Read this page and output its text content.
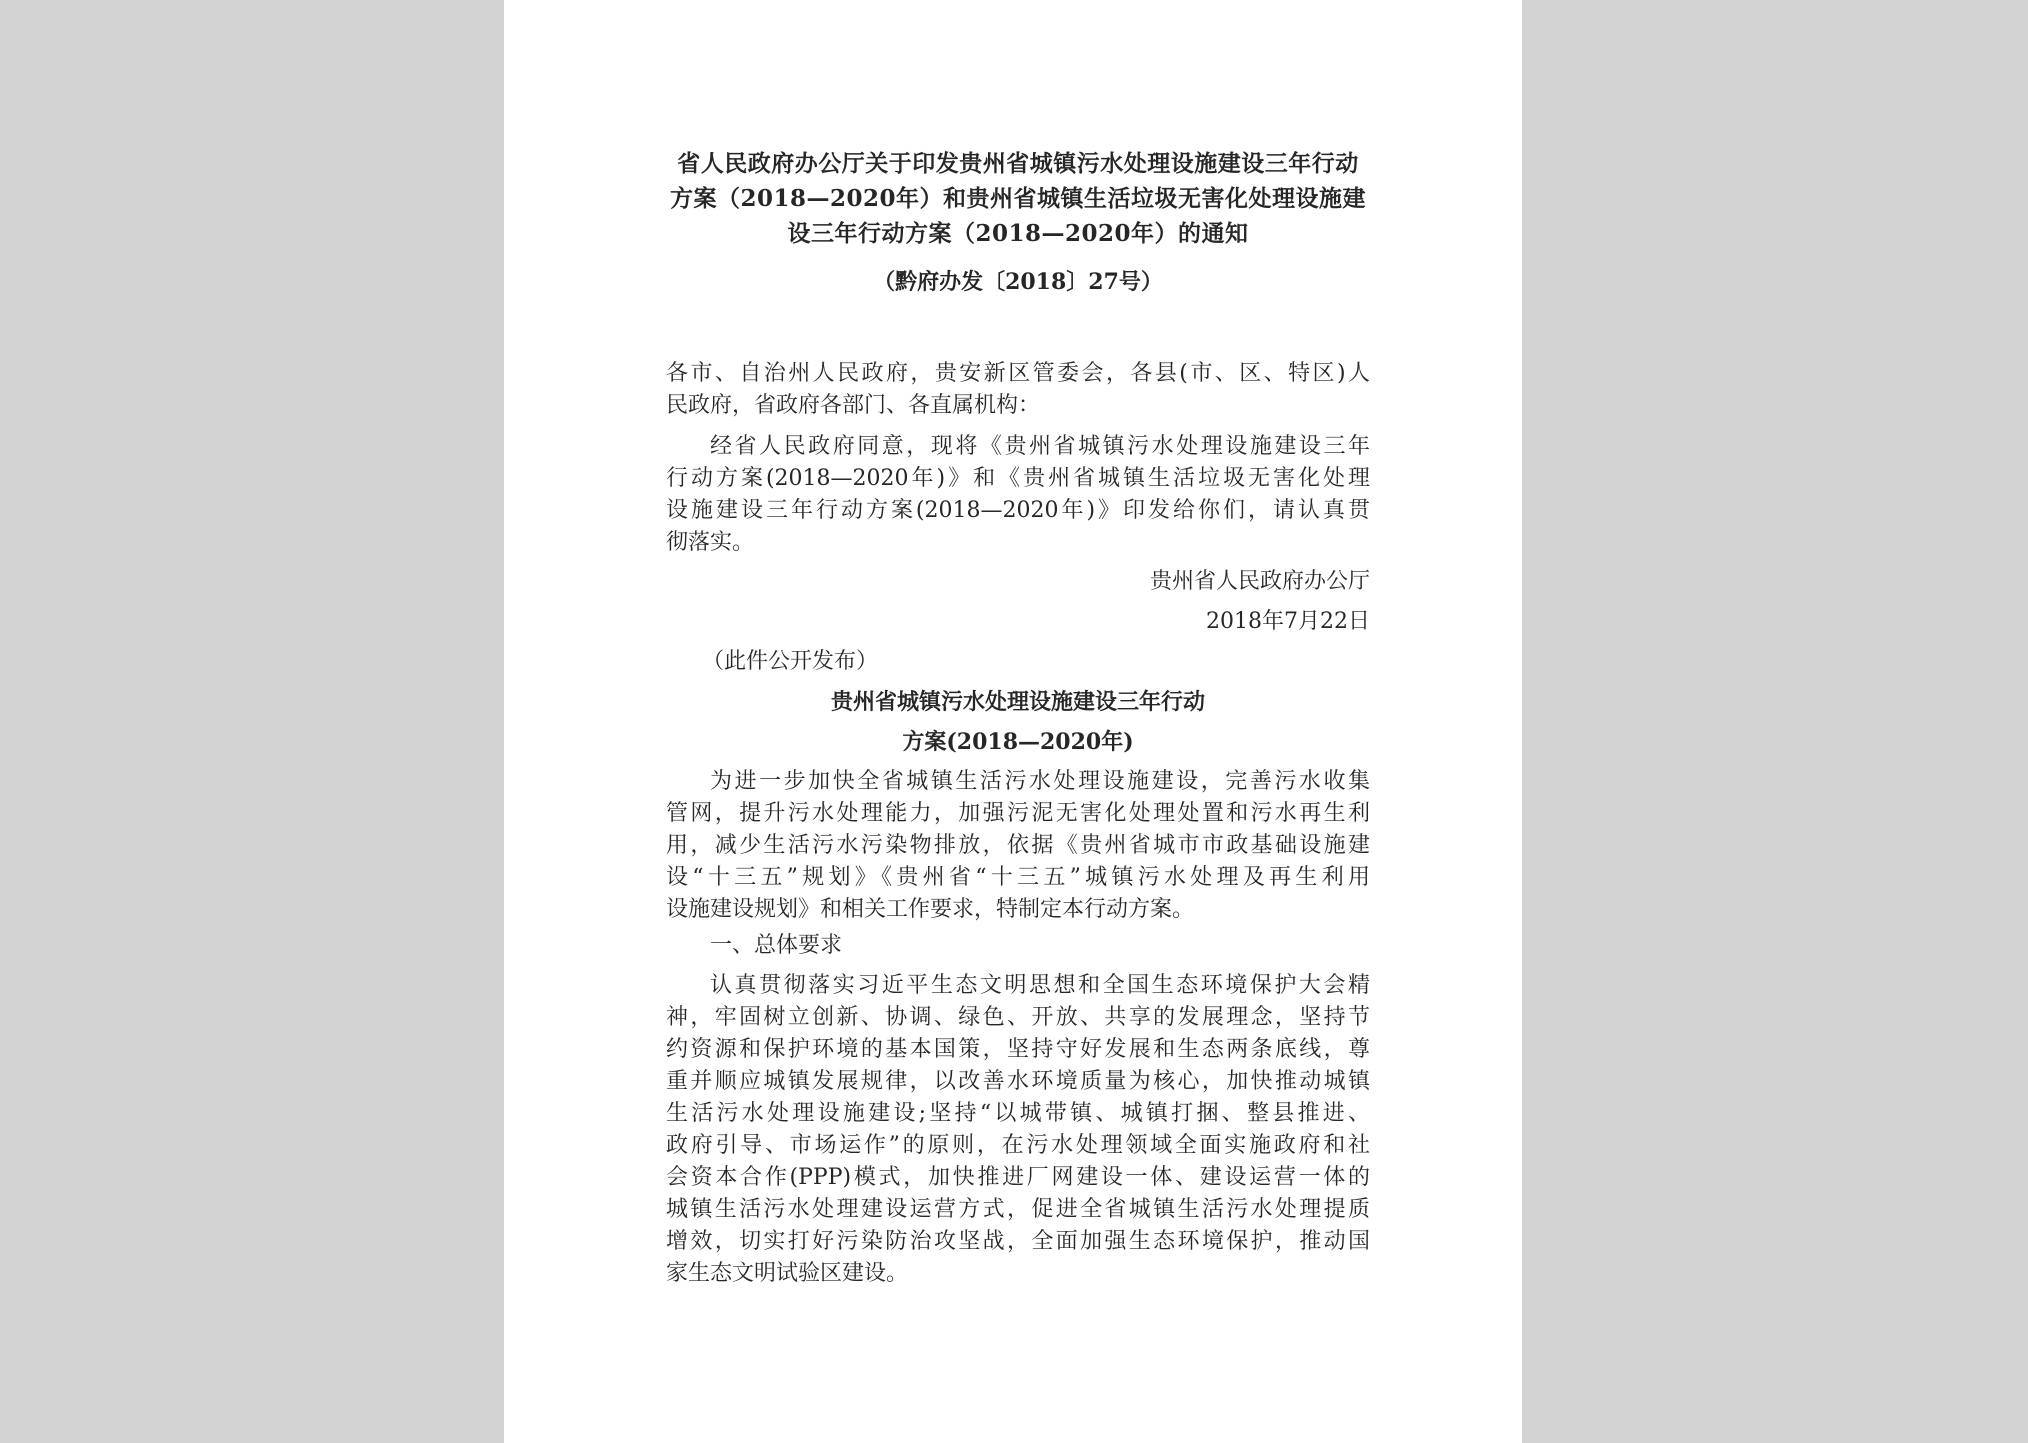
省人民政府办公厅关于印发贵州省城镇污水处理设施建设三年行动
方案（2018—2020年）和贵州省城镇生活垃圾无害化处理设施建
设三年行动方案（2018—2020年）的通知
（黔府办发〔2018〕27号）
各市、自治州人民政府，贵安新区管委会，各县(市、区、特区)人
民政府，省政府各部门、各直属机构：
经省人民政府同意，现将《贵州省城镇污水处理设施建设三年
行动方案(2018—2020年)》和《贵州省城镇生活垃圾无害化处理
设施建设三年行动方案(2018—2020年)》印发给你们，请认真贯
彻落实。
贵州省人民政府办公厅
2018年7月22日
（此件公开发布）
贵州省城镇污水处理设施建设三年行动
方案(2018—2020年)
为进一步加快全省城镇生活污水处理设施建设，完善污水收集
管网，提升污水处理能力，加强污泥无害化处理处置和污水再生利
用，减少生活污水污染物排放，依据《贵州省城市市政基础设施建
设“十三五”规划》《贵州省“十三五”城镇污水处理及再生利用
设施建设规划》和相关工作要求，特制定本行动方案。
一、总体要求
认真贯彻落实习近平生态文明思想和全国生态环境保护大会精
神，牢固树立创新、协调、绿色、开放、共享的发展理念，坚持节
约资源和保护环境的基本国策，坚持守好发展和生态两条底线，尊
重并顺应城镇发展规律，以改善水环境质量为核心，加快推动城镇
生活污水处理设施建设;坚持“以城带镇、城镇打捆、整县推进、
政府引导、市场运作”的原则，在污水处理领域全面实施政府和社
会资本合作(PPP)模式，加快推进厂网建设一体、建设运营一体的
城镇生活污水处理建设运营方式，促进全省城镇生活污水处理提质
增效，切实打好污染防治攻坚战，全面加强生态环境保护，推动国
家生态文明试验区建设。
